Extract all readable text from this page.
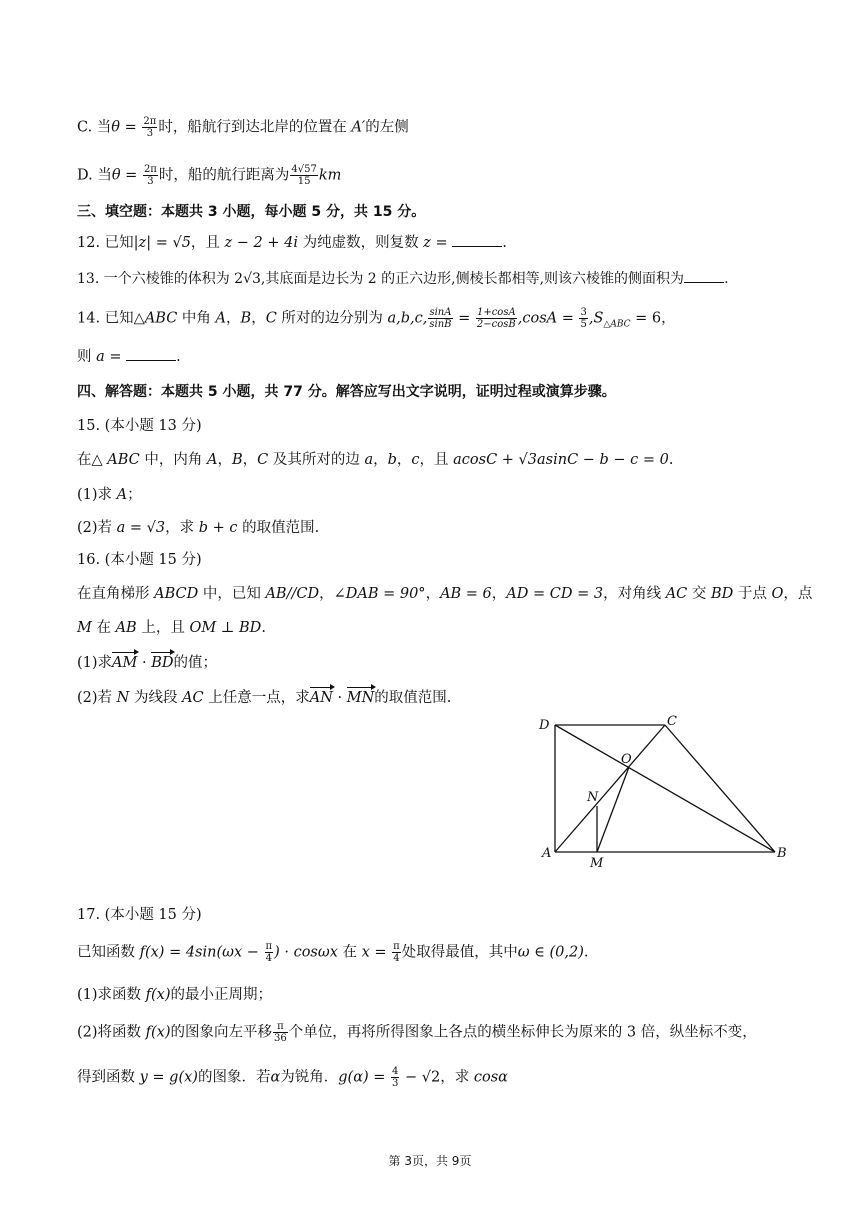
C. 当$\theta = \frac{2\pi}{3}$ 时，船航行到达北岸的位置在 A′的左侧
D. 当$\theta = \frac{2\pi}{3}$ 时，船的航行距离为 $\frac{4√57}{15}$ km
三、填空题：本题共 3 小题，每小题 5 分，共 15 分。
12. 已知|z| = √5，且 z − 2 + 4i 为纯虚数，则复数 z =	.
13. 一个六棱锥的体积为 2√3,其底面是边长为 2 的正六边形,侧棱长都相等,则该六棱锥的侧面积为	.
14. 已知△ABC 中角 A，B，C 所对的边分别为 a,b,c, $\frac{\sin A}{\sin B} = \frac{1+\cos A}{2-\cos B} ,\cos A = \frac{3}{5} ,S_{\triangle ABC} = 6$，
则 a =	.
四、解答题：本题共 5 小题，共 77 分。解答应写出文字说明，证明过程或演算步骤。
15. (本小题 13 分)
在△ ABC 中，内角 A，B，C 及其所对的边 a，b，c，且 acosC + √3asinC − b − c = 0.
(1)求 A；
(2)若 a = √3，求 b + c 的取值范围.
16. (本小题 15 分)
在直角梯形 ABCD 中，已知 AB//CD，∠DAB = 90°，AB = 6，AD = CD = 3，对角线 AC 交 BD 于点 O，点
M 在 AB 上，且 OM ⊥ BD.
(1)求AM · BD的值；
(2)若 N 为线段 AC 上任意一点，求AN · MN的取值范围.
D	C
O
N
A
M
B
17. (本小题 15 分)
已知函数 $f(x) = 4\sin(\omega x - \frac{\pi}{4}$ ) · cosωx 在 $x = \frac{\pi}{4}$ 处取得最值，其中ω ∈ (0,2).
(1)求函数 f(x)的最小正周期；
(2)将函数 f(x)的图象向左平移 $\frac{\pi}{36}$ 个单位，再将所得图象上各点的横坐标伸长为原来的 3 倍，纵坐标不变，
得到函数 y = g(x)的图象．若α为锐角．$g(\alpha) = \frac{4}{3} - √2$，求 cosα
第 3页，共 9页
